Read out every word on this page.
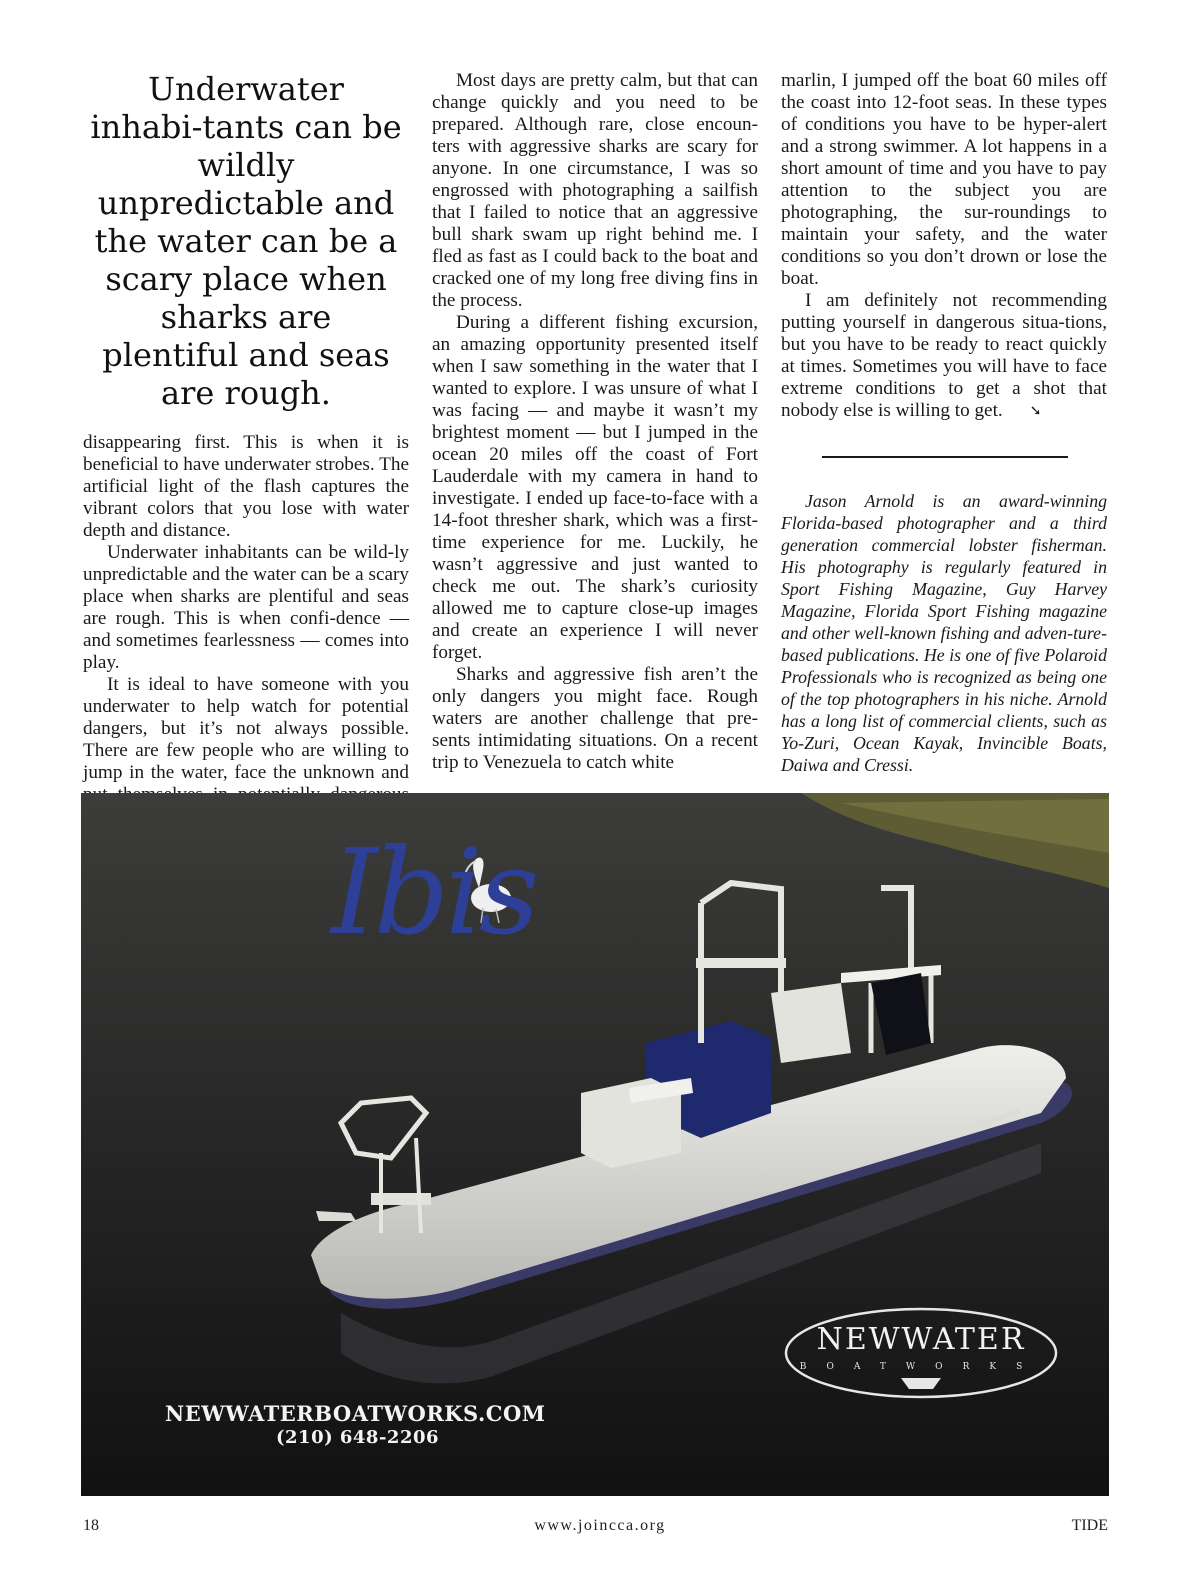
Underwater inhabi-tants can be wildly unpredictable and the water can be a scary place when sharks are plentiful and seas are rough.

disappearing first. This is when it is beneficial to have underwater strobes. The artificial light of the flash captures the vibrant colors that you lose with water depth and distance.

Underwater inhabitants can be wild-ly unpredictable and the water can be a scary place when sharks are plentiful and seas are rough. This is when confi-dence — and sometimes fearlessness — comes into play.

It is ideal to have someone with you underwater to help watch for potential dangers, but it’s not always possible. There are few people who are willing to jump in the water, face the unknown and

Most days are pretty calm, but that can change quickly and you need to be prepared. Although rare, close encoun-ters with aggressive sharks are scary for anyone. In one circumstance, I was so engrossed with photographing a sailfish that I failed to notice that an aggressive bull shark swam up right behind me. I fled as fast as I could back to the boat and cracked one of my long free diving fins in the process.

During a different fishing excursion, an amazing opportunity presented itself when I saw something in the water that I wanted to explore. I was unsure of what I was facing — and maybe it wasn’t my brightest moment — but I jumped in the ocean 20 miles off the coast of Fort Lauderdale with my camera in hand to investigate. I ended up face-to-face with a 14-foot thresher shark, which was a first-time experience for me. Luckily, he wasn’t aggressive and just wanted to check me out. The shark’s curiosity allowed me to capture close-up images and create an experience I will never forget.

Sharks and aggressive fish aren’t the only dangers you might face. Rough waters are another challenge that pre-sents intimidating situations. On a recent trip to Venezuela to catch white

marlin, I jumped off the boat 60 miles off the coast into 12-foot seas. In these types of conditions you have to be hyper-alert and a strong swimmer. A lot happens in a short amount of time and you have to pay attention to the subject you are photographing, the sur-roundings to maintain your safety, and the water conditions so you don’t drown or lose the boat.

I am definitely not recommending putting yourself in dangerous situa-tions, but you have to be ready to react quickly at times. Sometimes you will have to face extreme conditions to get a shot that nobody else is willing to get. ➘

Jason Arnold is an award-winning Florida-based photographer and a third generation commercial lobster fisherman. His photography is regularly featured in Sport Fishing Magazine, Guy Harvey Magazine, Florida Sport Fishing magazine and other well-known fishing and adven-ture-based publications. He is one of five Polaroid Professionals who is recognized as being one of the top photographers in his niche. Arnold has a long list of commercial clients, such as Yo-Zuri, Ocean Kayak, Invincible Boats, Daiwa and Cressi.
Ibis
NEWWATER
BOATWORKS
NEWWATERBOATWORKS.COM
(210) 648-2206
18	www.joincca.org	TIDE
